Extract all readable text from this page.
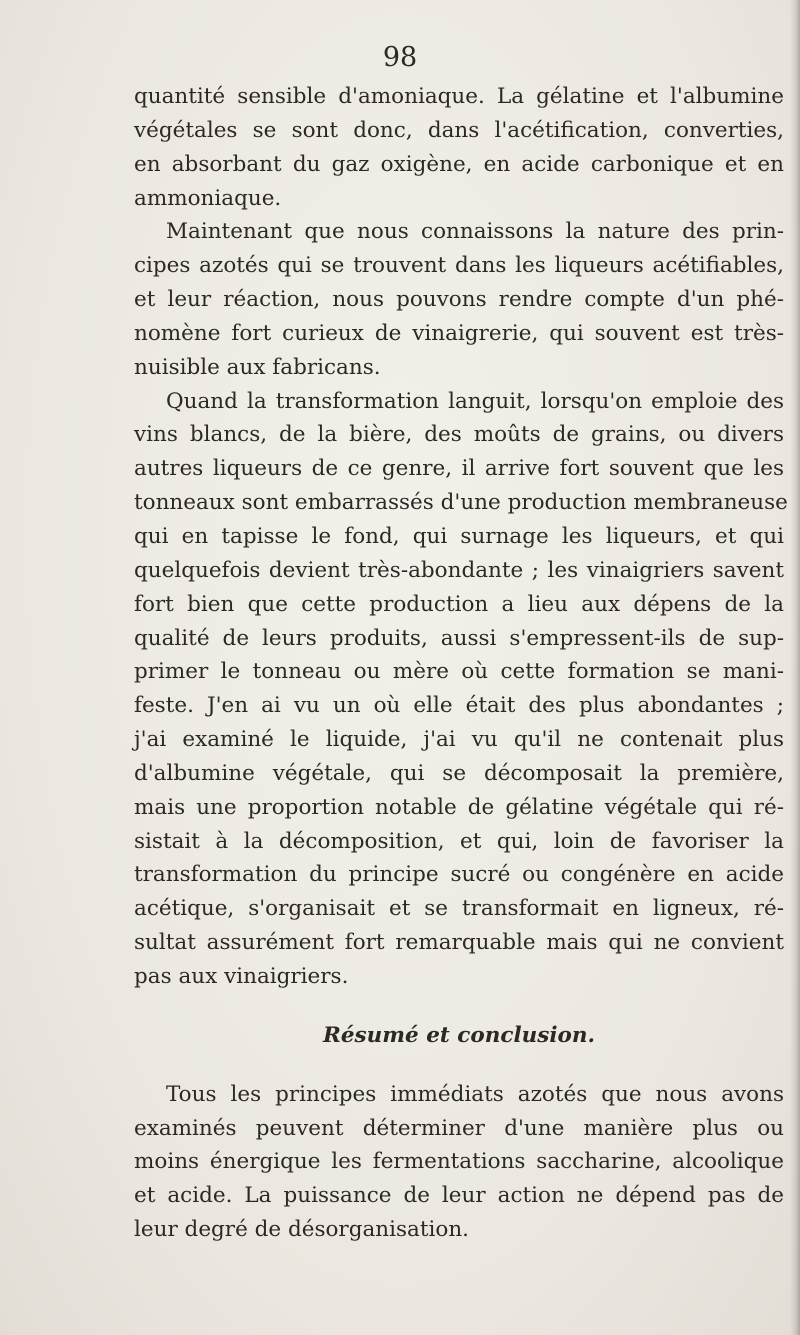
98
quantité sensible d'amoniaque. La gélatine et l'albumine
végétales se sont donc, dans l'acétification, converties,
en absorbant du gaz oxigène, en acide carbonique et en
ammoniaque.
Maintenant que nous connaissons la nature des prin-
cipes azotés qui se trouvent dans les liqueurs acétifiables,
et leur réaction, nous pouvons rendre compte d'un phé-
nomène fort curieux de vinaigrerie, qui souvent est très-
nuisible aux fabricans.
Quand la transformation languit, lorsqu'on emploie des
vins blancs, de la bière, des moûts de grains, ou divers
autres liqueurs de ce genre, il arrive fort souvent que les
tonneaux sont embarrassés d'une production membraneuse
qui en tapisse le fond, qui surnage les liqueurs, et qui
quelquefois devient très-abondante ; les vinaigriers savent
fort bien que cette production a lieu aux dépens de la
qualité de leurs produits, aussi s'empressent-ils de sup-
primer le tonneau ou mère où cette formation se mani-
feste. J'en ai vu un où elle était des plus abondantes ;
j'ai examiné le liquide, j'ai vu qu'il ne contenait plus
d'albumine végétale, qui se décomposait la première,
mais une proportion notable de gélatine végétale qui ré-
sistait à la décomposition, et qui, loin de favoriser la
transformation du principe sucré ou congénère en acide
acétique, s'organisait et se transformait en ligneux, ré-
sultat assurément fort remarquable mais qui ne convient
pas aux vinaigriers.
Résumé et conclusion.
Tous les principes immédiats azotés que nous avons
examinés peuvent déterminer d'une manière plus ou
moins énergique les fermentations saccharine, alcoolique
et acide. La puissance de leur action ne dépend pas de
leur degré de désorganisation.
